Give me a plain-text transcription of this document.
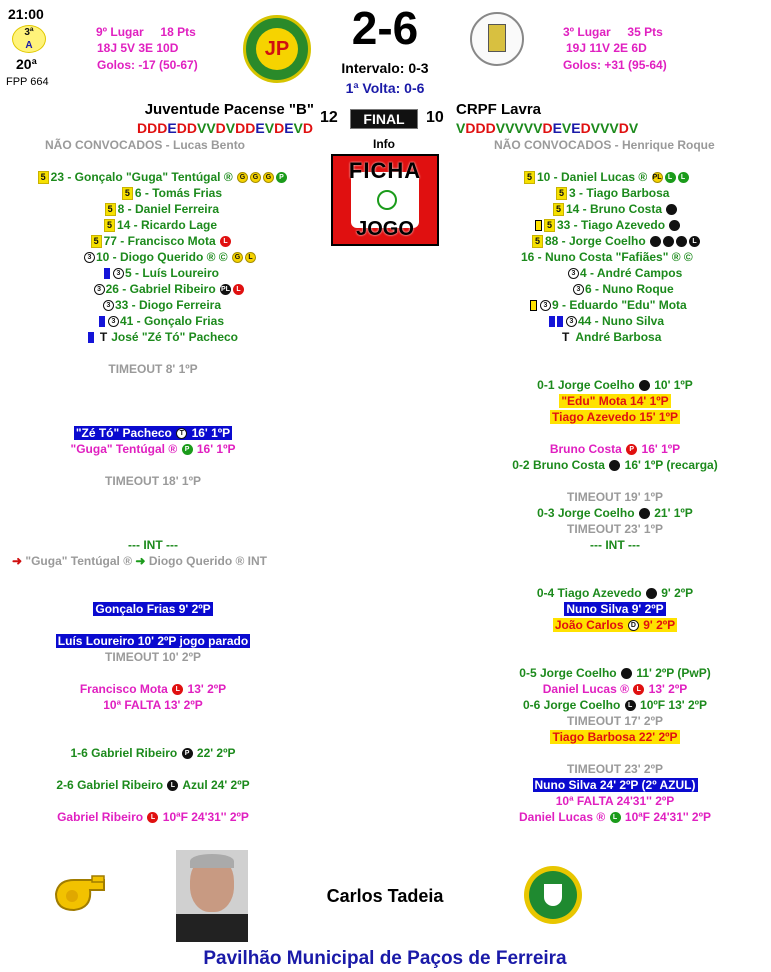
21:00
3ª
A
20ª
FPP 664
9º Lugar 18 Pts
18J 5V 3E 10D
Golos: -17 (50-67)
JP	2-6
Intervalo: 0-3
1ª Volta: 0-6
3º Lugar 35 Pts
19J 11V 2E 6D
Golos: +31 (95-64)
Juventude Pacense "B"	CRPF Lavra
DDDEDDVVDVDDEVDEVD	VDDDVVVVVDEVEDVVVDV
12	FINAL	10
Info
NÃO CONVOCADOS - Lucas Bento	NÃO CONVOCADOS - Henrique Roque
FICHA
JOGO
5 23 - Gonçalo "Guga" Tentúgal ® G G G P
5 6 - Tomás Frias
5 8 - Daniel Ferreira
5 14 - Ricardo Lage
5 77 - Francisco Mota L
3 10 - Diogo Querido ® © G L
3 5 - Luís Loureiro
3 26 - Gabriel Ribeiro PL L
3 33 - Diogo Ferreira
3 41 - Gonçalo Frias
T José "Zé Tó" Pacheco
5 10 - Daniel Lucas ® PL L L
5 3 - Tiago Barbosa
5 14 - Bruno Costa
5 33 - Tiago Azevedo
5 88 - Jorge Coelho	L
16 - Nuno Costa "Fafiães" ® ©
3 4 - André Campos
3 6 - Nuno Roque
3 9 - Eduardo "Edu" Mota
3 44 - Nuno Silva
T André Barbosa
TIMEOUT 8' 1ºP
"Zé Tó" Pacheco T 16' 1ºP
"Guga" Tentúgal ® P 16' 1ºP
TIMEOUT 18' 1ºP
--- INT ---
➜ "Guga" Tentúgal ® ➜ Diogo Querido ® INT
Gonçalo Frias 9' 2ºP
Luís Loureiro 10' 2ºP jogo parado
TIMEOUT 10' 2ºP
Francisco Mota L 13' 2ºP
10ª FALTA 13' 2ºP
1-6 Gabriel Ribeiro P 22' 2ºP
2-6 Gabriel Ribeiro L Azul 24' 2ºP
Gabriel Ribeiro L 10ªF 24'31'' 2ºP
0-1 Jorge Coelho 10' 1ºP
"Edu" Mota 14' 1ºP
Tiago Azevedo 15' 1ºP
Bruno Costa P 16' 1ºP
0-2 Bruno Costa 16' 1ºP (recarga)
TIMEOUT 19' 1ºP
0-3 Jorge Coelho 21' 1ºP
TIMEOUT 23' 1ºP
--- INT ---
0-4 Tiago Azevedo 9' 2ºP
Nuno Silva 9' 2ºP
João Carlos D 9' 2ºP
0-5 Jorge Coelho 11' 2ºP (PwP)
Daniel Lucas ® L 13' 2ºP
0-6 Jorge Coelho L 10ºF 13' 2ºP
TIMEOUT 17' 2ºP
Tiago Barbosa 22' 2ºP
TIMEOUT 23' 2ºP
Nuno Silva 24' 2ºP (2º AZUL)
10ª FALTA 24'31'' 2ºP
Daniel Lucas ® L 10ªF 24'31'' 2ºP
Carlos Tadeia
Pavilhão Municipal de Paços de Ferreira
